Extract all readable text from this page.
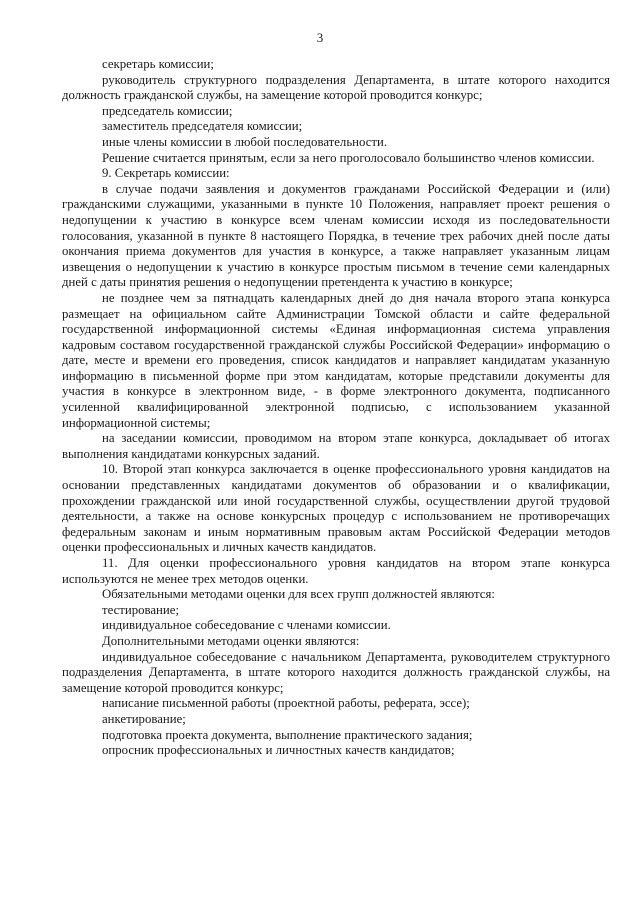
3

секретарь комиссии;

руководитель структурного подразделения Департамента, в штате которого находится должность гражданской службы, на замещение которой проводится конкурс;

председатель комиссии;

заместитель председателя комиссии;

иные члены комиссии в любой последовательности.

Решение считается принятым, если за него проголосовало большинство членов комиссии.

9. Секретарь комиссии:

в случае подачи заявления и документов гражданами Российской Федерации и (или) гражданскими служащими, указанными в пункте 10 Положения, направляет проект решения о недопущении к участию в конкурсе всем членам комиссии исходя из последовательности голосования, указанной в пункте 8 настоящего Порядка, в течение трех рабочих дней после даты окончания приема документов для участия в конкурсе, а также направляет указанным лицам извещения о недопущении к участию в конкурсе простым письмом в течение семи календарных дней с даты принятия решения о недопущении претендента к участию в конкурсе;

не позднее чем за пятнадцать календарных дней до дня начала второго этапа конкурса размещает на официальном сайте Администрации Томской области и сайте федеральной государственной информационной системы «Единая информационная система управления кадровым составом государственной гражданской службы Российской Федерации» информацию о дате, месте и времени его проведения, список кандидатов и направляет кандидатам указанную информацию в письменной форме при этом кандидатам, которые представили документы для участия в конкурсе в электронном виде, - в форме электронного документа, подписанного усиленной квалифицированной электронной подписью, с использованием указанной информационной системы;

на заседании комиссии, проводимом на втором этапе конкурса, докладывает об итогах выполнения кандидатами конкурсных заданий.

10. Второй этап конкурса заключается в оценке профессионального уровня кандидатов на основании представленных кандидатами документов об образовании и о квалификации, прохождении гражданской или иной государственной службы, осуществлении другой трудовой деятельности, а также на основе конкурсных процедур с использованием не противоречащих федеральным законам и иным нормативным правовым актам Российской Федерации методов оценки профессиональных и личных качеств кандидатов.

11. Для оценки профессионального уровня кандидатов на втором этапе конкурса используются не менее трех методов оценки.

Обязательными методами оценки для всех групп должностей являются:

тестирование;

индивидуальное собеседование с членами комиссии.

Дополнительными методами оценки являются:

индивидуальное собеседование с начальником Департамента, руководителем структурного подразделения Департамента, в штате которого находится должность гражданской службы, на замещение которой проводится конкурс;

написание письменной работы (проектной работы, реферата, эссе);

анкетирование;

подготовка проекта документа, выполнение практического задания;

опросник профессиональных и личностных качеств кандидатов;
